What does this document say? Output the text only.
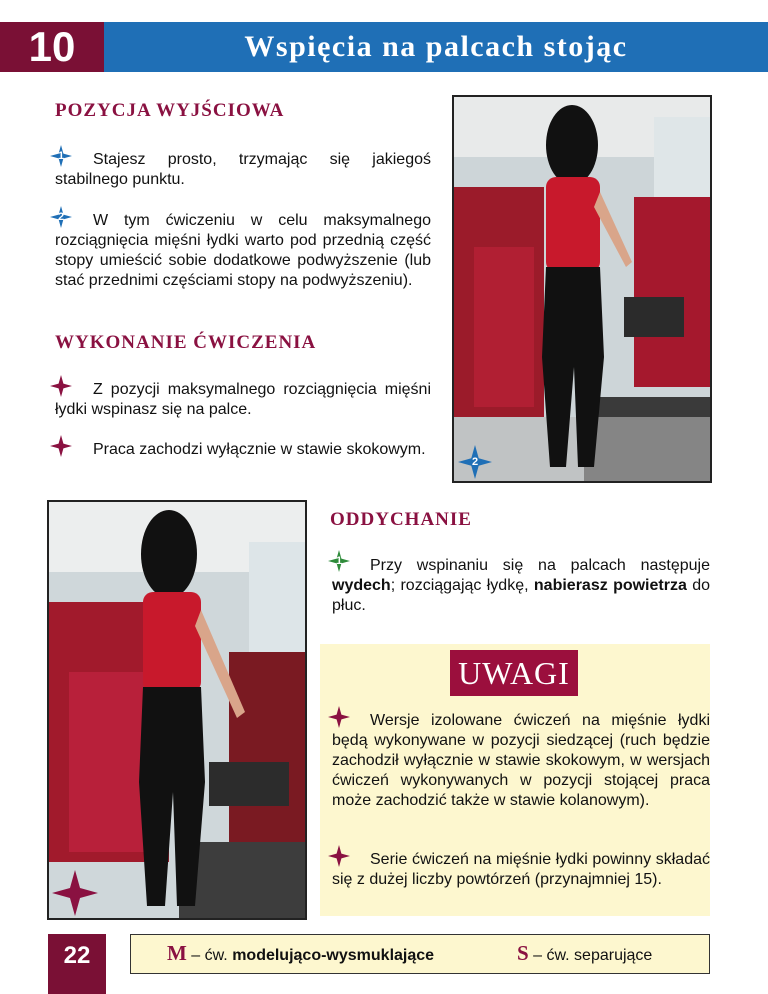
10	Wspięcia na palcach stojąc
POZYCJA WYJŚCIOWA
1	Stajesz prosto, trzymając się jakiegoś stabilnego punktu.
2	W tym ćwiczeniu w celu maksymalnego rozciągnięcia mięśni łydki warto pod przednią część stopy umieścić sobie dodatkowe podwyższenie (lub stać przednimi częściami stopy na podwyższeniu).
WYKONANIE ĆWICZENIA
Z pozycji maksymalnego rozciągnięcia mięśni łydki wspinasz się na palce.
Praca zachodzi wyłącznie w stawie skokowym.
2
ODDYCHANIE
1	Przy wspinaniu się na palcach następuje wydech; rozciągając łydkę, nabierasz powietrza do płuc.
UWAGI
Wersje izolowane ćwiczeń na mięśnie łydki będą wykonywane w pozycji siedzącej (ruch będzie zachodził wyłącznie w stawie skokowym, w wersjach ćwiczeń wykonywanych w pozycji stojącej praca może zachodzić także w stawie kolanowym).
Serie ćwiczeń na mięśnie łydki powinny składać się z dużej liczby powtórzeń (przynajmniej 15).
22	M – ćw. modelująco-wysmuklające	S – ćw. separujące
